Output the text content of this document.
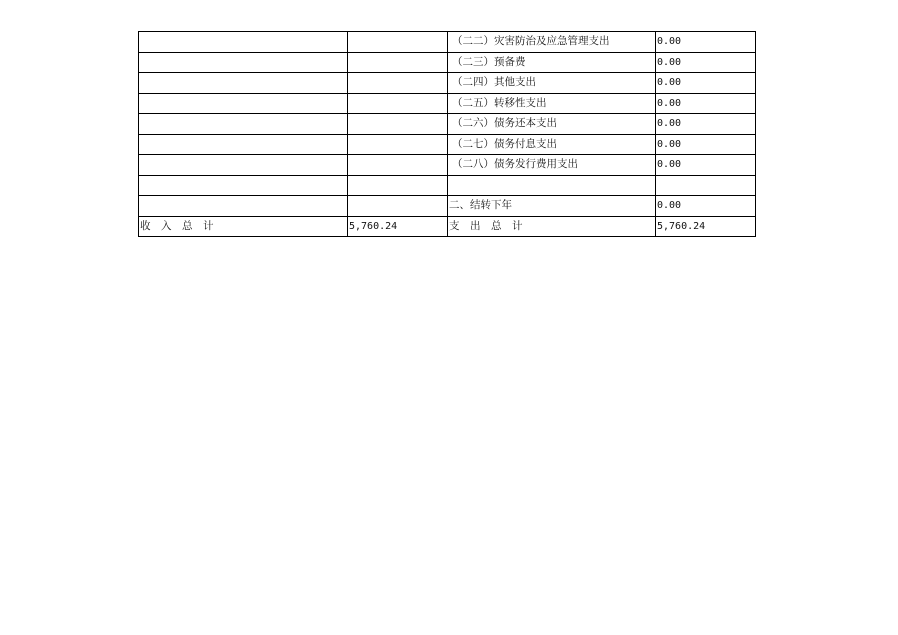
		（二二）灾害防治及应急管理支出	0.00
		（二三）预备费	0.00
		（二四）其他支出	0.00
		（二五）转移性支出	0.00
		（二六）债务还本支出	0.00
		（二七）债务付息支出	0.00
		（二八）债务发行费用支出	0.00

		二、结转下年	0.00
收　入　总　计	5,760.24	支　出　总　计	5,760.24
